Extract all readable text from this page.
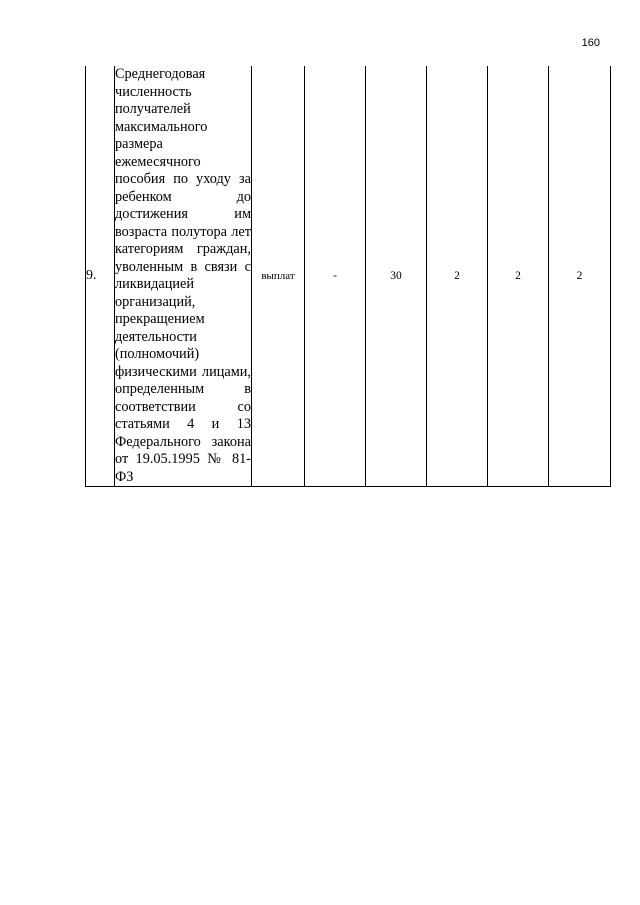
160
9.	Среднегодовая численность получателей максимального размера ежемесячного пособия по уходу за ребенком до достижения им возраста полутора лет категориям граждан, уволенным в связи с ликвидацией организаций, прекращением деятельности (полномочий) физическими лицами, определенным в соответствии со статьями 4 и 13 Федерального закона от 19.05.1995 № 81-ФЗ	выплат	-	30	2	2	2
